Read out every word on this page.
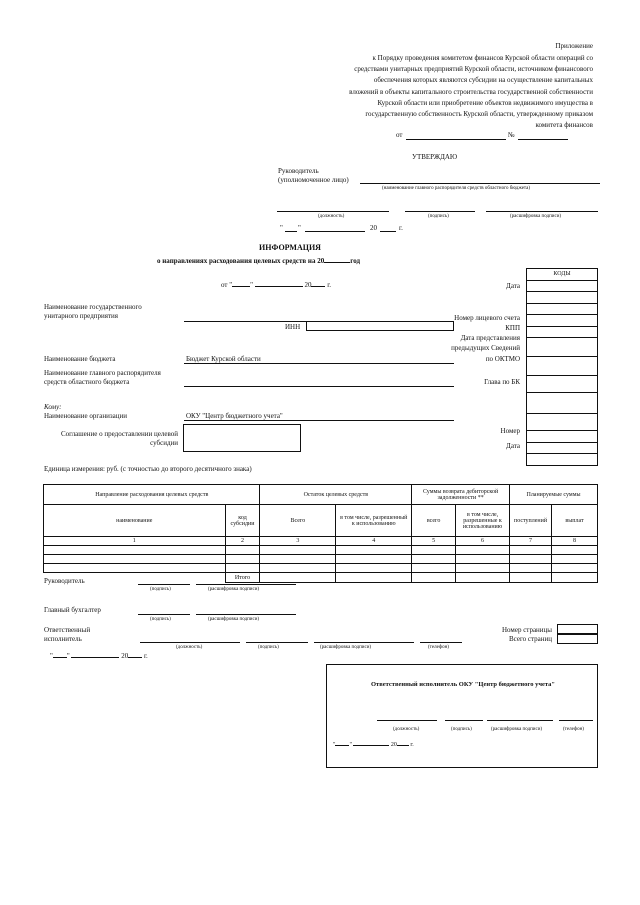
Приложение
к Порядку проведения комитетом финансов Курской области операций со
средствами унитарных предприятий Курской области, источником финансового
обеспечения которых являются субсидии на осуществление капитальных
вложений в объекты капитального строительства государственной собственности
Курской области или приобретение объектов недвижимого имущества в
государственную собственность Курской области, утвержденному приказом
комитета финансов
от	№
УТВЕРЖДАЮ
Руководитель
(уполномоченное лицо)
(наименование главного распорядителя средств областного бюджета)
(должность)	(подпись)	(расшифровка подписи)
" "	20	г.
ИНФОРМАЦИЯ
о направлениях расходования целевых средств на 20	год
от "	"	20 г.
КОДЫ

Дата
Номер лицевого счета
КПП
Дата представления
предыдущих Сведений
по ОКТМО
Глава по БК
Номер
Дата
Наименование государственного
унитарного предприятия
ИНН
Наименование бюджета	Бюджет Курской области
Наименование главного распорядителя
средств областного бюджета
Кому:
Наименование организации	ОКУ "Центр бюджетного учета"
Соглашение о предоставлении целевой
субсидии
Единица измерения: руб. (с точностью до второго десятичного знака)
Направление расходования целевых средств		Остаток целевых средств		Суммы возврата дебиторской задолженности **		Планируемые суммы	
наименование	код субсидии	Всего	в том числе, разрешенный к использованию	всего	в том числе, разрешенные к использованию	поступлений	выплат
1	2	3	4	5	6	7	8

	Итого						
Руководитель
(подпись)	(расшифровка подписи)
Главный бухгалтер
(подпись)	(расшифровка подписи)
Ответственный
исполнитель
(должность)	(подпись)	(расшифровка подписи)	(телефон)
Номер страницы
Всего страниц
" "	20 г.
Ответственный исполнитель ОКУ "Центр бюджетного учета"
(должность)	(подпись)	(расшифровка подписи)	(телефон)
" "	20 г.
